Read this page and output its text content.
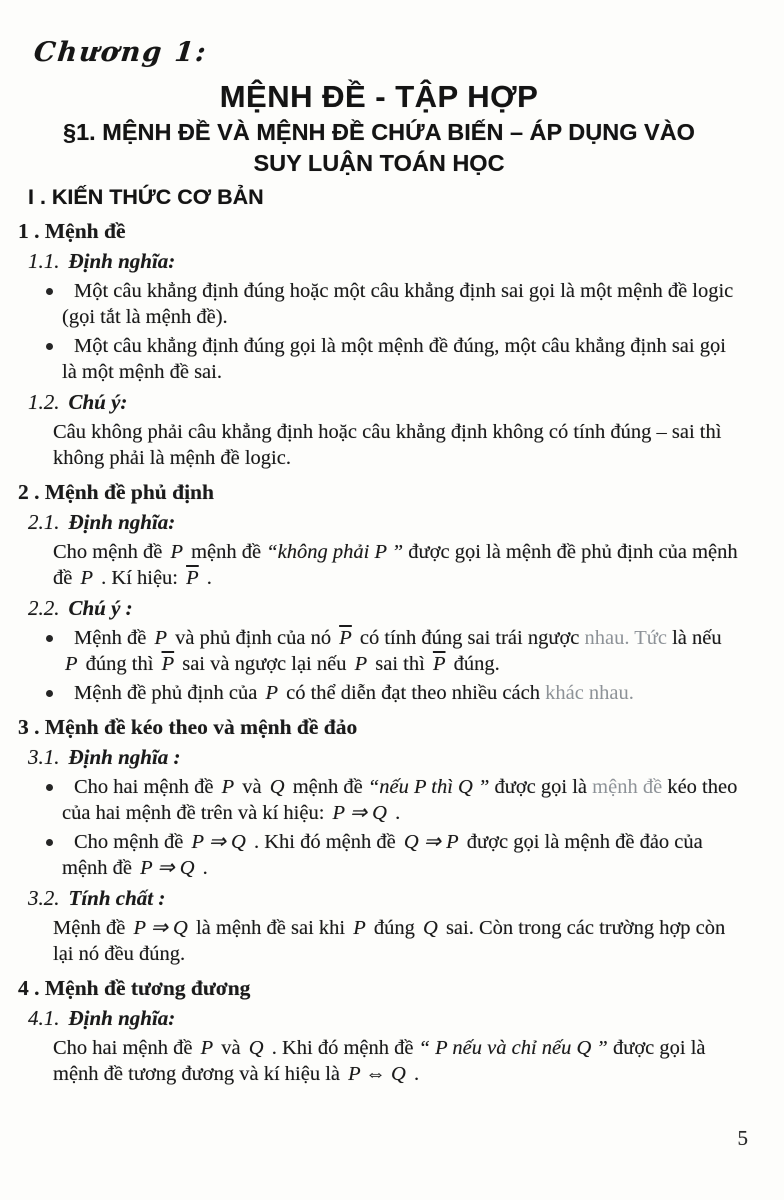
Chương 1:
MỆNH ĐỀ - TẬP HỢP
§1. MỆNH ĐỀ VÀ MỆNH ĐỀ CHỨA BIẾN – ÁP DỤNG VÀO SUY LUẬN TOÁN HỌC
I . KIẾN THỨC CƠ BẢN
1 . Mệnh đề
1.1. Định nghĩa:
Một câu khẳng định đúng hoặc một câu khẳng định sai gọi là một mệnh đề logic (gọi tắt là mệnh đề).
Một câu khẳng định đúng gọi là một mệnh đề đúng, một câu khẳng định sai gọi là một mệnh đề sai.
1.2. Chú ý:
Câu không phải câu khẳng định hoặc câu khẳng định không có tính đúng – sai thì không phải là mệnh đề logic.
2 . Mệnh đề phủ định
2.1. Định nghĩa:
Cho mệnh đề P mệnh đề “không phải P ” được gọi là mệnh đề phủ định của mệnh đề P . Kí hiệu: $\overline{P}$ .
2.2. Chú ý :
Mệnh đề P và phủ định của nó $\overline{P}$ có tính đúng sai trái ngược nhau. Tức là nếu P đúng thì $\overline{P}$ sai và ngược lại nếu P sai thì $\overline{P}$ đúng.
Mệnh đề phủ định của P có thể diễn đạt theo nhiều cách khác nhau.
3 . Mệnh đề kéo theo và mệnh đề đảo
3.1. Định nghĩa :
Cho hai mệnh đề P và Q mệnh đề “nếu P thì Q ” được gọi là mệnh đề kéo theo của hai mệnh đề trên và kí hiệu: P ⇒ Q .
Cho mệnh đề P ⇒ Q . Khi đó mệnh đề Q ⇒ P được gọi là mệnh đề đảo của mệnh đề P ⇒ Q .
3.2. Tính chất :
Mệnh đề P ⇒ Q là mệnh đề sai khi P đúng Q sai. Còn trong các trường hợp còn lại nó đều đúng.
4 . Mệnh đề tương đương
4.1. Định nghĩa:
Cho hai mệnh đề P và Q . Khi đó mệnh đề “ P nếu và chỉ nếu Q ” được gọi là mệnh đề tương đương và kí hiệu là P ⇔ Q .
5
